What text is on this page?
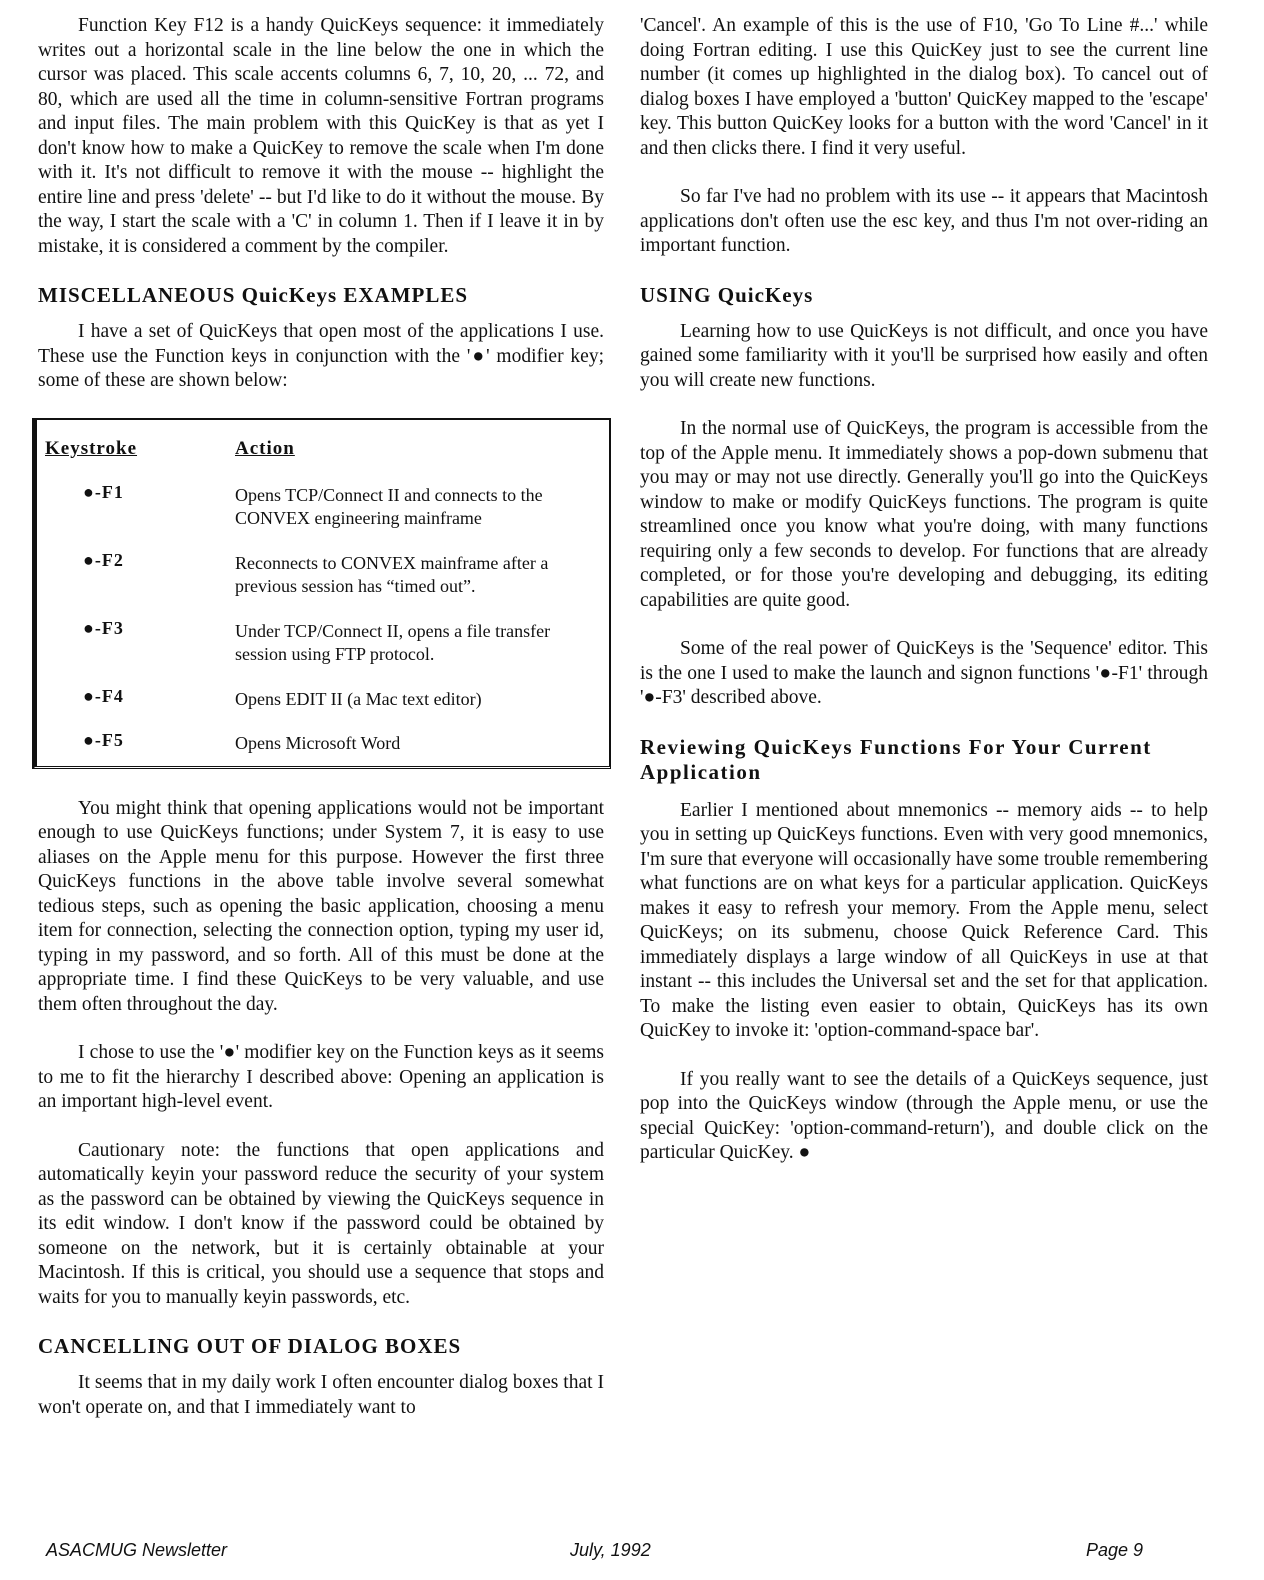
Function Key F12 is a handy QuicKeys sequence: it immediately writes out a horizontal scale in the line below the one in which the cursor was placed. This scale accents columns 6, 7, 10, 20, ... 72, and 80, which are used all the time in column-sensitive Fortran programs and input files. The main problem with this QuicKey is that as yet I don't know how to make a QuicKey to remove the scale when I'm done with it. It's not difficult to remove it with the mouse -- highlight the entire line and press 'delete' -- but I'd like to do it without the mouse. By the way, I start the scale with a 'C' in column 1. Then if I leave it in by mistake, it is considered a comment by the compiler.

MISCELLANEOUS QuicKeys EXAMPLES

I have a set of QuicKeys that open most of the applications I use. These use the Function keys in conjunction with the '●' modifier key; some of these are shown below:

Keystroke	Action
●-F1	Opens TCP/Connect II and connects to the CONVEX engineering mainframe
●-F2	Reconnects to CONVEX mainframe after a previous session has “timed out”.
●-F3	Under TCP/Connect II, opens a file transfer session using FTP protocol.
●-F4	Opens EDIT II (a Mac text editor)
●-F5	Opens Microsoft Word

You might think that opening applications would not be important enough to use QuicKeys functions; under System 7, it is easy to use aliases on the Apple menu for this purpose. However the first three QuicKeys functions in the above table involve several somewhat tedious steps, such as opening the basic application, choosing a menu item for connection, selecting the connection option, typing my user id, typing in my password, and so forth. All of this must be done at the appropriate time. I find these QuicKeys to be very valuable, and use them often throughout the day.

I chose to use the '●' modifier key on the Function keys as it seems to me to fit the hierarchy I described above: Opening an application is an important high-level event.

Cautionary note: the functions that open applications and automatically keyin your password reduce the security of your system as the password can be obtained by viewing the QuicKeys sequence in its edit window. I don't know if the password could be obtained by someone on the network, but it is certainly obtainable at your Macintosh. If this is critical, you should use a sequence that stops and waits for you to manually keyin passwords, etc.

CANCELLING OUT OF DIALOG BOXES

It seems that in my daily work I often encounter dialog boxes that I won't operate on, and that I immediately want to

'Cancel'. An example of this is the use of F10, 'Go To Line #...' while doing Fortran editing. I use this QuicKey just to see the current line number (it comes up highlighted in the dialog box). To cancel out of dialog boxes I have employed a 'button' QuicKey mapped to the 'escape' key. This button QuicKey looks for a button with the word 'Cancel' in it and then clicks there. I find it very useful.

So far I've had no problem with its use -- it appears that Macintosh applications don't often use the esc key, and thus I'm not over-riding an important function.

USING QuicKeys

Learning how to use QuicKeys is not difficult, and once you have gained some familiarity with it you'll be surprised how easily and often you will create new functions.

In the normal use of QuicKeys, the program is accessible from the top of the Apple menu. It immediately shows a pop-down submenu that you may or may not use directly. Generally you'll go into the QuicKeys window to make or modify QuicKeys functions. The program is quite streamlined once you know what you're doing, with many functions requiring only a few seconds to develop. For functions that are already completed, or for those you're developing and debugging, its editing capabilities are quite good.

Some of the real power of QuicKeys is the 'Sequence' editor. This is the one I used to make the launch and signon functions '●-F1' through '●-F3' described above.

Reviewing QuicKeys Functions For Your Current Application

Earlier I mentioned about mnemonics -- memory aids -- to help you in setting up QuicKeys functions. Even with very good mnemonics, I'm sure that everyone will occasionally have some trouble remembering what functions are on what keys for a particular application. QuicKeys makes it easy to refresh your memory. From the Apple menu, select QuicKeys; on its submenu, choose Quick Reference Card. This immediately displays a large window of all QuicKeys in use at that instant -- this includes the Universal set and the set for that application. To make the listing even easier to obtain, QuicKeys has its own QuicKey to invoke it: 'option-command-space bar'.

If you really want to see the details of a QuicKeys sequence, just pop into the QuicKeys window (through the Apple menu, or use the special QuicKey: 'option-command-return'), and double click on the particular QuicKey. ●

ASACMUG Newsletter	July, 1992	Page 9
